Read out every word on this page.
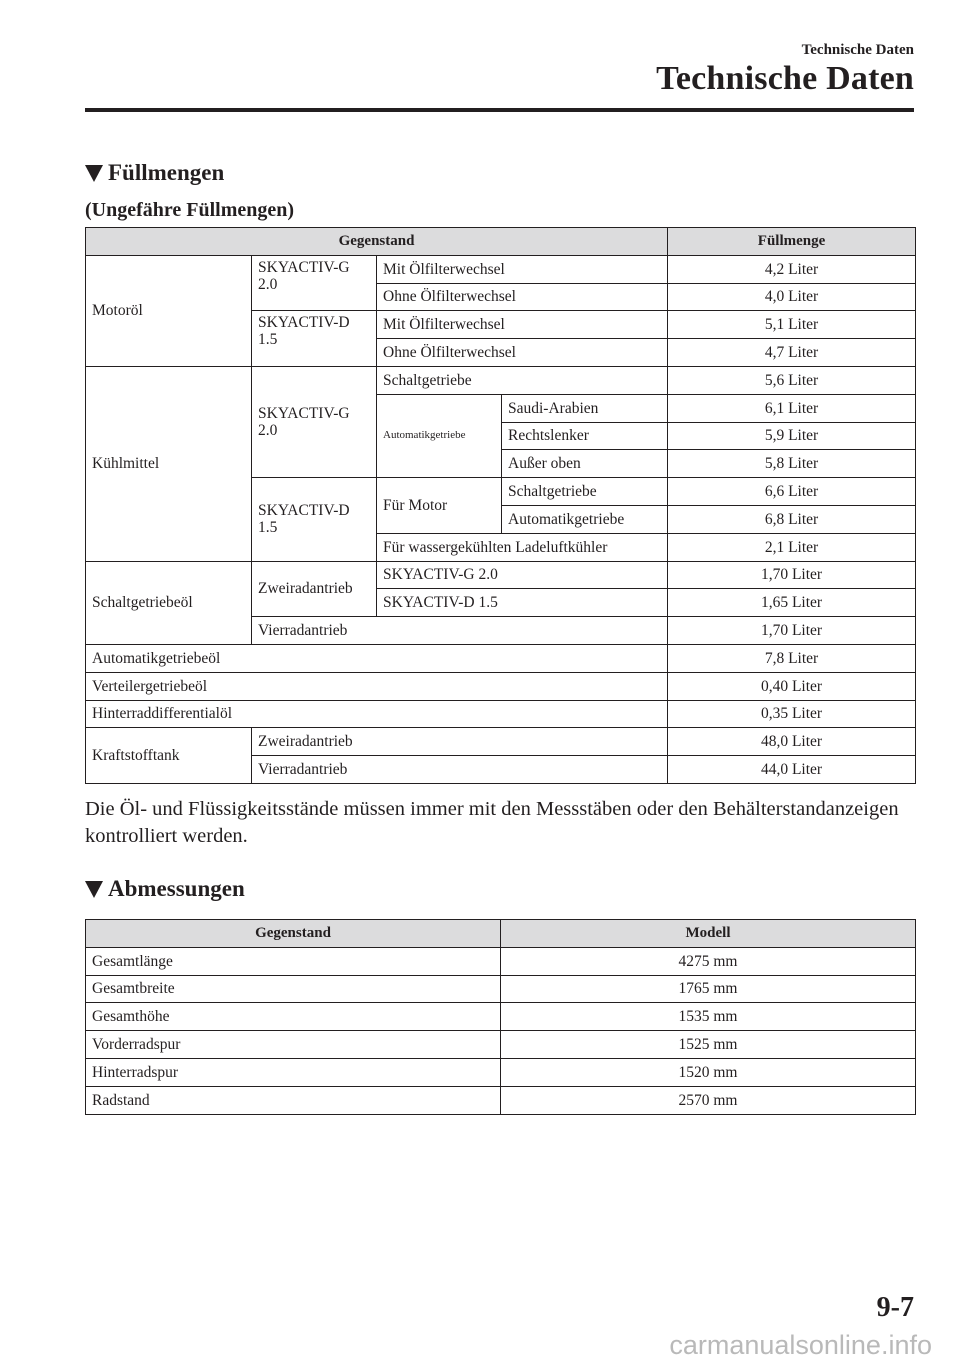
Technische Daten
Technische Daten
Füllmengen
(Ungefähre Füllmengen)
Gegenstand				Füllmenge
Motoröl	SKYACTIV-G 2.0	Mit Ölfilterwechsel		4,2 Liter
		Ohne Ölfilterwechsel		4,0 Liter
	SKYACTIV-D 1.5	Mit Ölfilterwechsel		5,1 Liter
		Ohne Ölfilterwechsel		4,7 Liter
Kühlmittel	SKYACTIV-G 2.0	Schaltgetriebe		5,6 Liter
		Automatikgetriebe	Saudi-Arabien	6,1 Liter
			Rechtslenker	5,9 Liter
			Außer oben	5,8 Liter
	SKYACTIV-D 1.5	Für Motor	Schaltgetriebe	6,6 Liter
			Automatikgetriebe	6,8 Liter
		Für wassergekühlten Ladeluftkühler		2,1 Liter
Schaltgetriebeöl	Zweiradantrieb	SKYACTIV-G 2.0		1,70 Liter
		SKYACTIV-D 1.5		1,65 Liter
	Vierradantrieb			1,70 Liter
Automatikgetriebeöl				7,8 Liter
Verteilergetriebeöl				0,40 Liter
Hinterraddifferentialöl				0,35 Liter
Kraftstofftank	Zweiradantrieb			48,0 Liter
	Vierradantrieb			44,0 Liter
Die Öl- und Flüssigkeitsstände müssen immer mit den Messstäben oder den Behälterstandanzeigen kontrolliert werden.
Abmessungen
Gegenstand	Modell
Gesamtlänge	4275 mm
Gesamtbreite	1765 mm
Gesamthöhe	1535 mm
Vorderradspur	1525 mm
Hinterradspur	1520 mm
Radstand	2570 mm
9-7
carmanualsonline.info
